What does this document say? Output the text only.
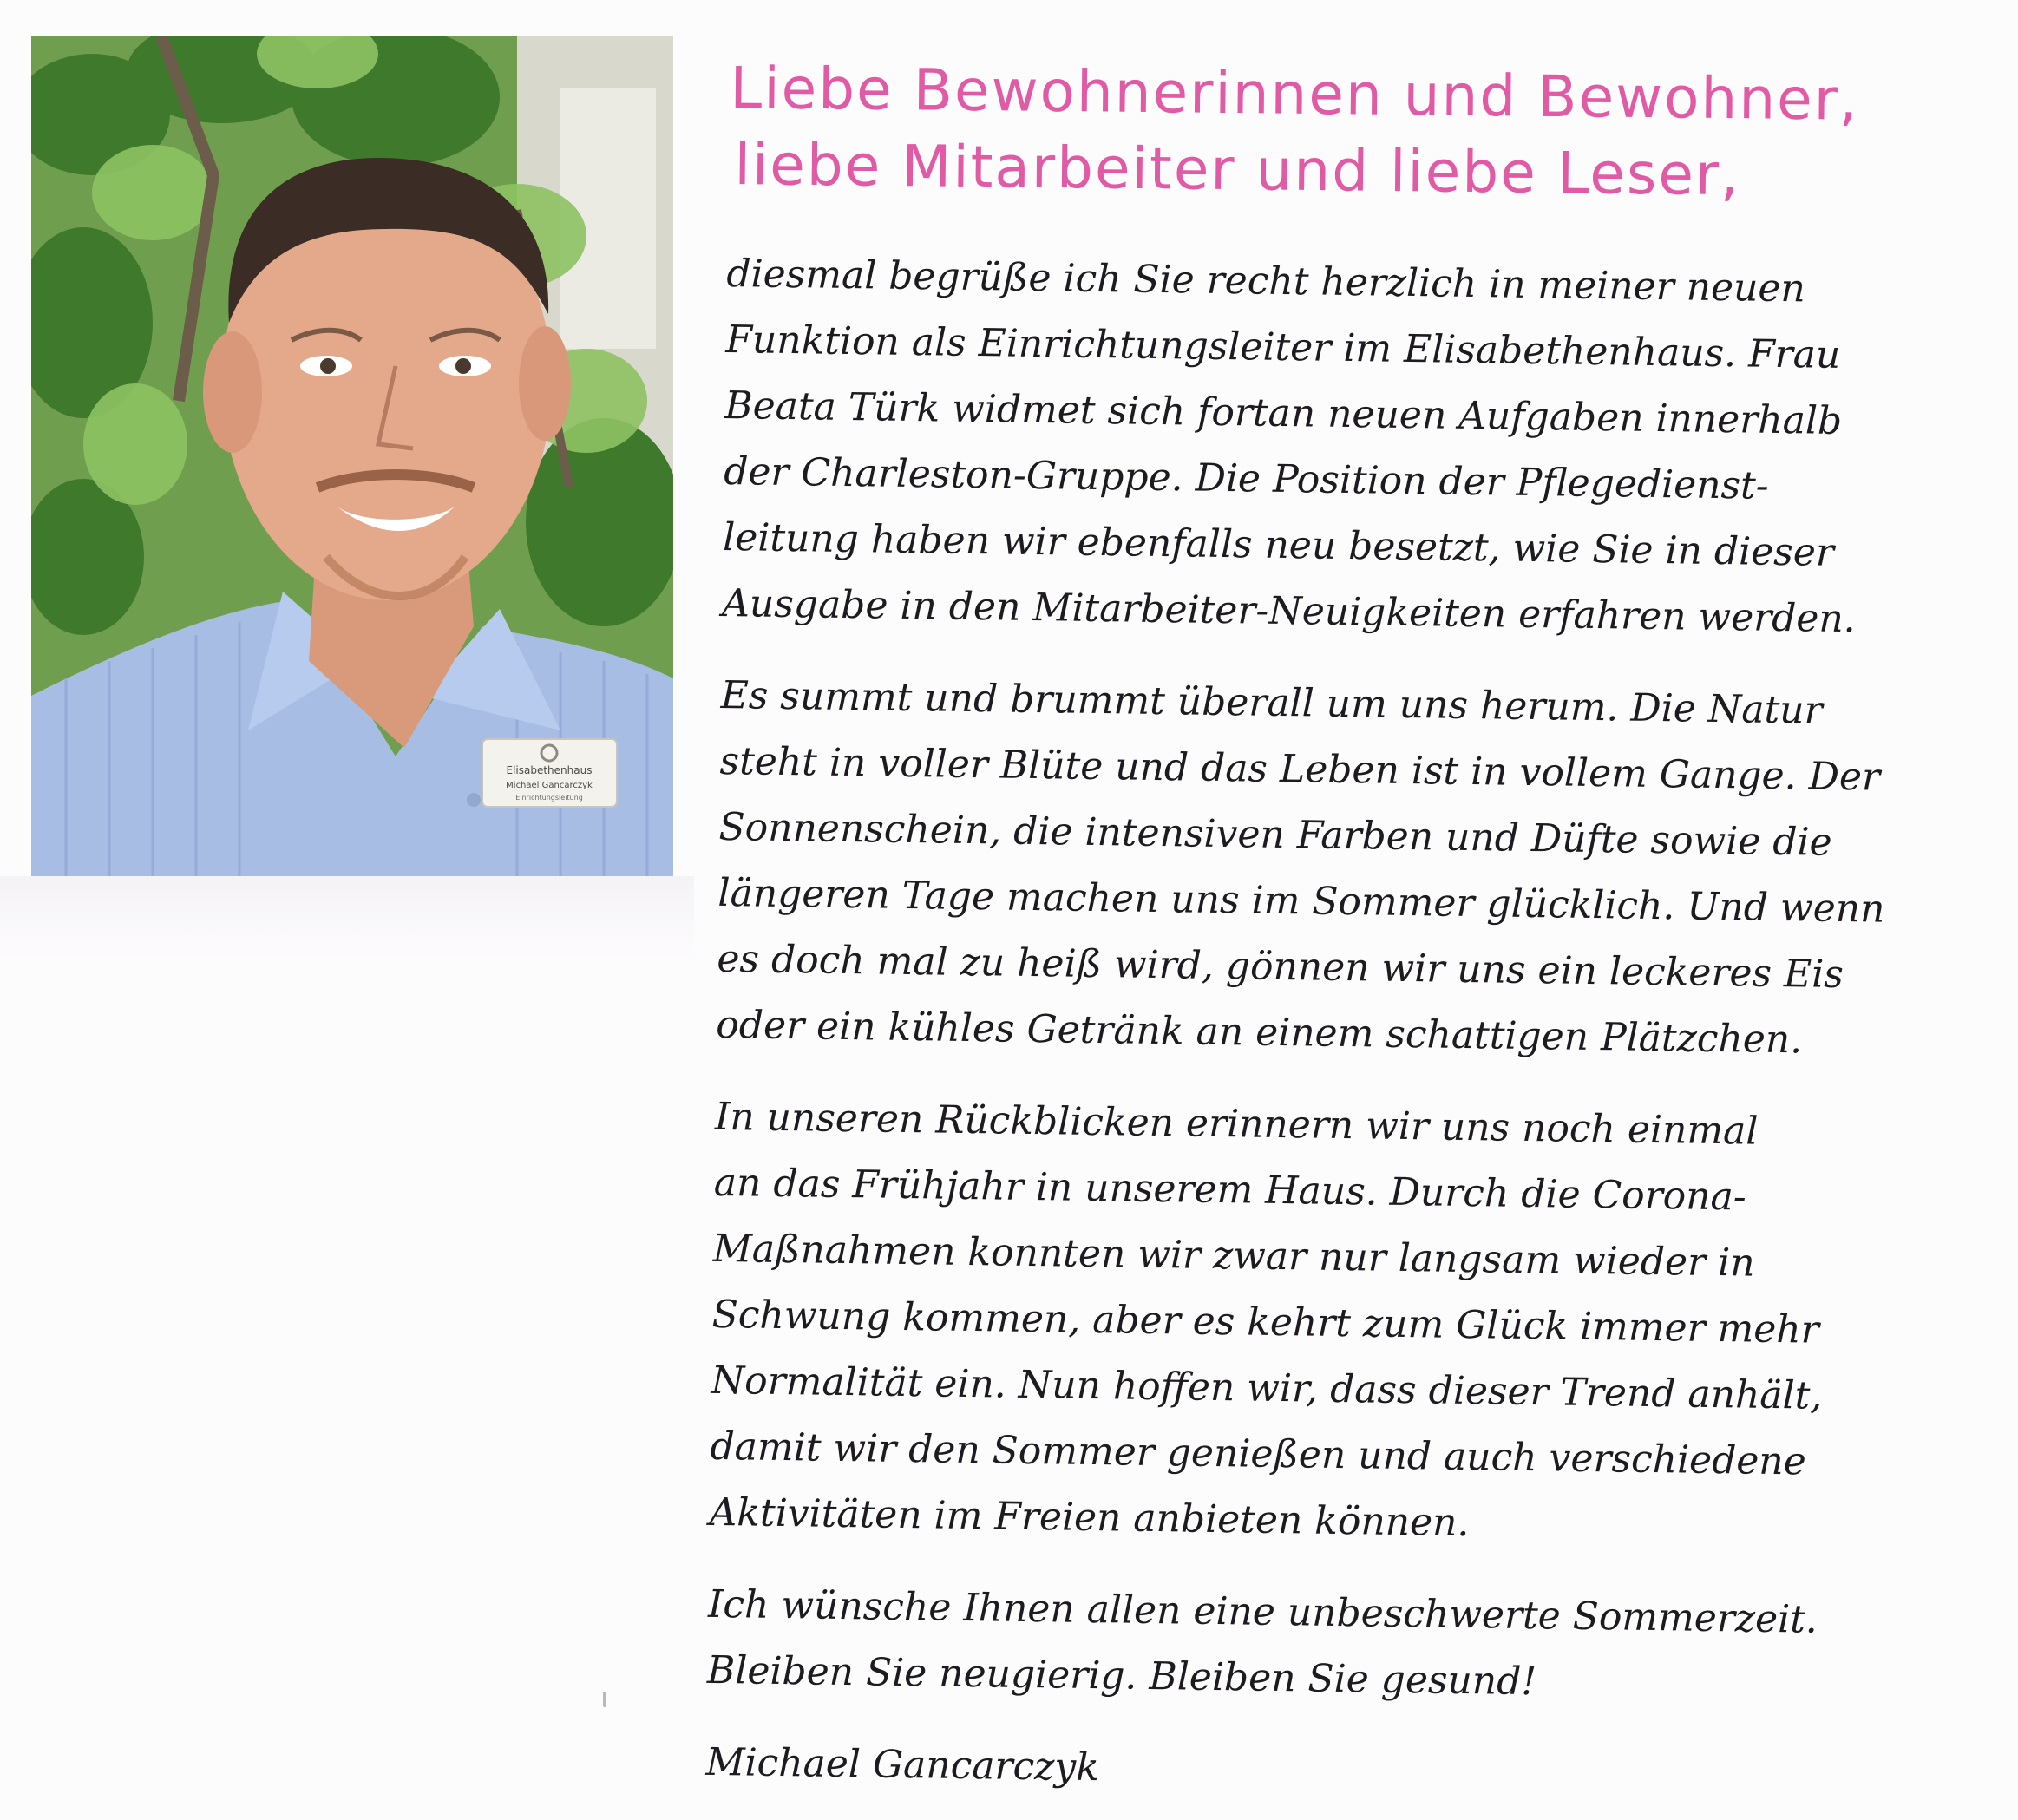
Elisabethenhaus
Michael Gancarczyk
Einrichtungsleitung
Liebe Bewohnerinnen und Bewohner,
liebe Mitarbeiter und liebe Leser,
diesmal begrüße ich Sie recht herzlich in meiner neuen
Funktion als Einrichtungsleiter im Elisabethenhaus. Frau
Beata Türk widmet sich fortan neuen Aufgaben innerhalb
der Charleston-Gruppe. Die Position der Pflegedienst-
leitung haben wir ebenfalls neu besetzt, wie Sie in dieser
Ausgabe in den Mitarbeiter-Neuigkeiten erfahren werden.
Es summt und brummt überall um uns herum. Die Natur
steht in voller Blüte und das Leben ist in vollem Gange. Der
Sonnenschein, die intensiven Farben und Düfte sowie die
längeren Tage machen uns im Sommer glücklich. Und wenn
es doch mal zu heiß wird, gönnen wir uns ein leckeres Eis
oder ein kühles Getränk an einem schattigen Plätzchen.
In unseren Rückblicken erinnern wir uns noch einmal
an das Frühjahr in unserem Haus. Durch die Corona-
Maßnahmen konnten wir zwar nur langsam wieder in
Schwung kommen, aber es kehrt zum Glück immer mehr
Normalität ein. Nun hoffen wir, dass dieser Trend anhält,
damit wir den Sommer genießen und auch verschiedene
Aktivitäten im Freien anbieten können.
Ich wünsche Ihnen allen eine unbeschwerte Sommerzeit.
Bleiben Sie neugierig. Bleiben Sie gesund!
Michael Gancarczyk
